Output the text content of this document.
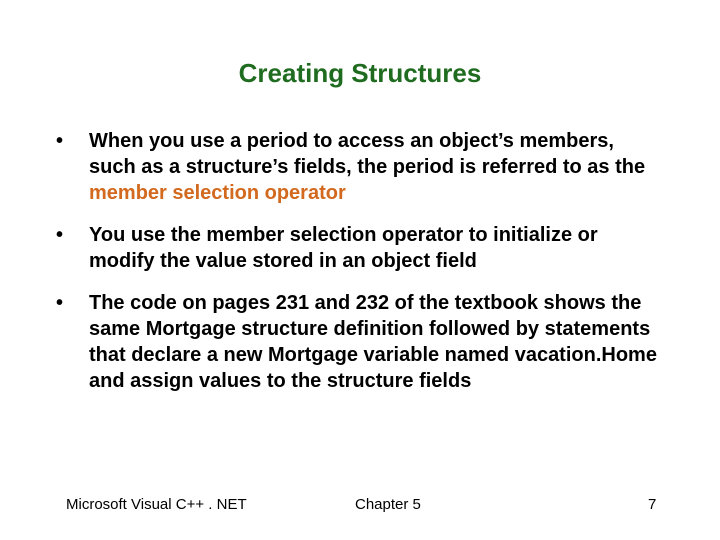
Creating Structures
•	When you use a period to access an object’s members, such as a structure’s fields, the period is referred to as the member selection operator
•	You use the member selection operator to initialize or modify the value stored in an object field
•	The code on pages 231 and 232 of the textbook shows the same Mortgage structure definition followed by statements that declare a new Mortgage variable named vacation.Home and assign values to the structure fields
Microsoft Visual C++ . NET	Chapter 5	7
